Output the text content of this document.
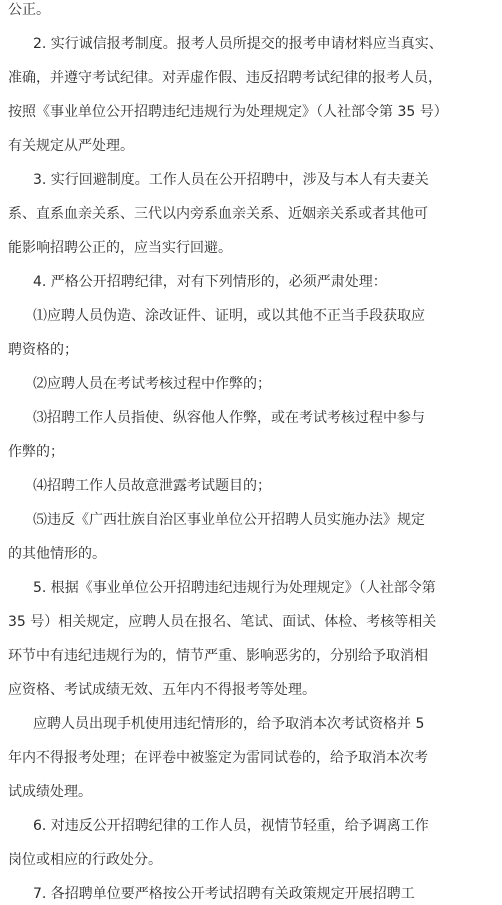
公正。
2. 实行诚信报考制度。报考人员所提交的报考申请材料应当真实、
准确，并遵守考试纪律。对弄虚作假、违反招聘考试纪律的报考人员，
按照《事业单位公开招聘违纪违规行为处理规定》（人社部令第 35 号）
有关规定从严处理。
3. 实行回避制度。工作人员在公开招聘中，涉及与本人有夫妻关
系、直系血亲关系、三代以内旁系血亲关系、近姻亲关系或者其他可
能影响招聘公正的，应当实行回避。
4. 严格公开招聘纪律，对有下列情形的，必须严肃处理：
⑴应聘人员伪造、涂改证件、证明，或以其他不正当手段获取应
聘资格的；
⑵应聘人员在考试考核过程中作弊的；
⑶招聘工作人员指使、纵容他人作弊，或在考试考核过程中参与
作弊的；
⑷招聘工作人员故意泄露考试题目的；
⑸违反《广西壮族自治区事业单位公开招聘人员实施办法》规定
的其他情形的。
5. 根据《事业单位公开招聘违纪违规行为处理规定》（人社部令第
35 号）相关规定，应聘人员在报名、笔试、面试、体检、考核等相关
环节中有违纪违规行为的，情节严重、影响恶劣的，分别给予取消相
应资格、考试成绩无效、五年内不得报考等处理。
应聘人员出现手机使用违纪情形的，给予取消本次考试资格并 5
年内不得报考处理；在评卷中被鉴定为雷同试卷的，给予取消本次考
试成绩处理。
6. 对违反公开招聘纪律的工作人员，视情节轻重，给予调离工作
岗位或相应的行政处分。
7. 各招聘单位要严格按公开考试招聘有关政策规定开展招聘工
